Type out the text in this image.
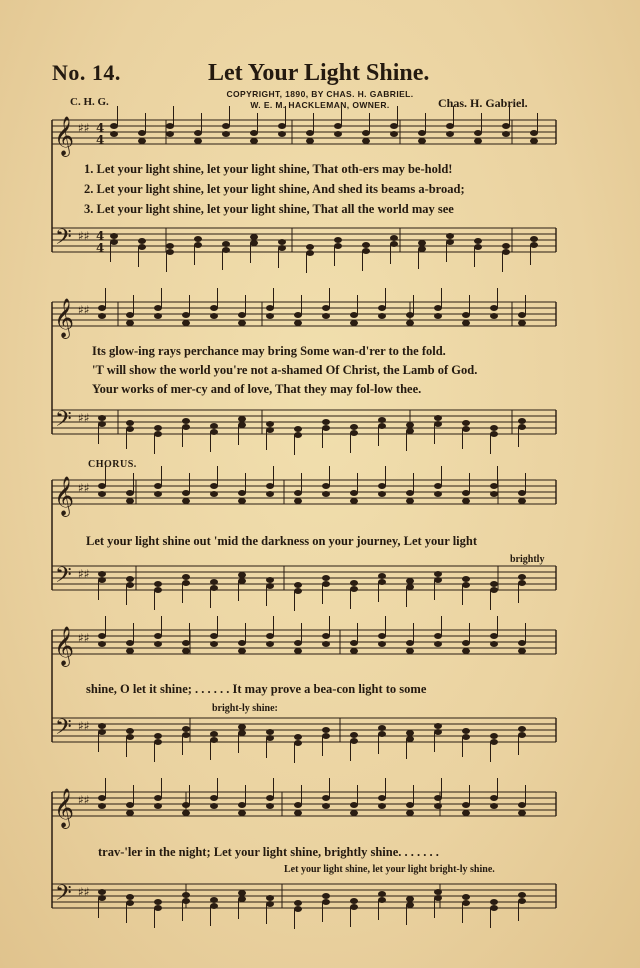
No. 14.	Let Your Light Shine.
COPYRIGHT, 1890, BY CHAS. H. GABRIEL.
W. E. M. HACKLEMAN, OWNER.
C. H. G.	Chas. H. Gabriel.
𝄞 ♯♯
𝄢 ♯♯
4
4
4
4
𝄞 ♯♯
𝄢 ♯♯
𝄞 ♯♯
𝄢 ♯♯
𝄞 ♯♯
𝄢 ♯♯
𝄞 ♯♯
𝄢 ♯♯
1. Let your light shine, let your light shine, That oth-ers may be-hold!
2. Let your light shine, let your light shine, And shed its beams a-broad;
3. Let your light shine, let your light shine, That all the world may see
Its glow-ing rays perchance may bring Some wan-d'rer to the fold.
'T will show the world you're not a-shamed Of Christ, the Lamb of God.
Your works of mer-cy and of love, That they may fol-low thee.
CHORUS.
Let your light shine out 'mid the darkness on your journey, Let your light
brightly
shine, O let it shine; . . . . . . It may prove a bea-con light to some
bright-ly shine:
trav-'ler in the night; Let your light shine, brightly shine. . . . . . .
Let your light shine, let your light bright-ly shine.
